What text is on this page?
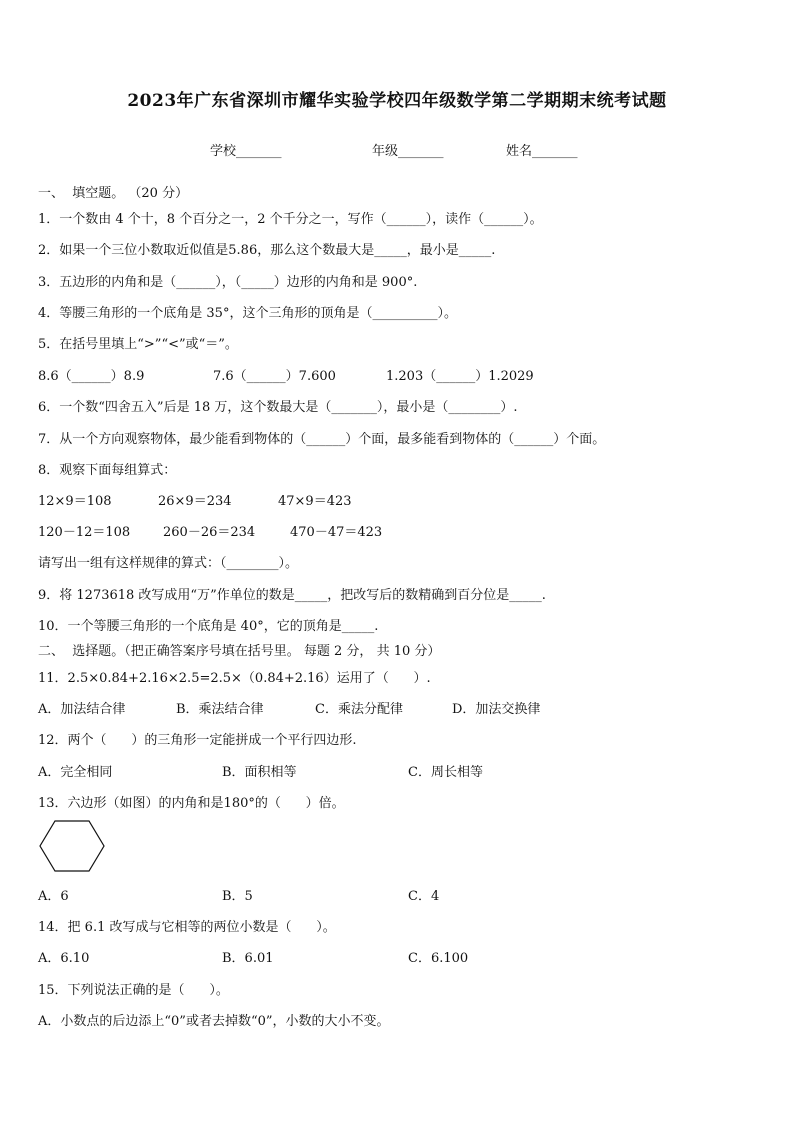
2023年广东省深圳市耀华实验学校四年级数学第二学期期末统考试题
学校_______	年级_______	姓名_______
一、  填空题。 （20 分）
1．一个数由 4 个十，8 个百分之一，2 个千分之一，写作（______），读作（______）。
2．如果一个三位小数取近似值是5.86，那么这个数最大是_____，最小是_____.
3．五边形的内角和是（______），（_____）边形的内角和是 900°.
4．等腰三角形的一个底角是 35°，这个三角形的顶角是（__________）。
5．在括号里填上“>”“<”或“＝”。

8.6（______）8.9

	7.6（______）7.600

	1.203（______）1.2029

6．一个数“四舍五入”后是 18 万，这个数最大是（_______），最小是（________）.
7．从一个方向观察物体，最少能看到物体的（______）个面，最多能看到物体的（______）个面。
8．观察下面每组算式：

12×9＝108

	26×9＝234

	47×9＝423

120－12＝108

	260－26＝234

	470－47＝423

请写出一组有这样规律的算式：（________）。
9．将 1273618 改写成用“万”作单位的数是_____，把改写后的数精确到百分位是_____.
10．一个等腰三角形的一个底角是 40°，它的顶角是_____.
二、  选择题。（把正确答案序号填在括号里。 每题 2 分， 共 10 分）
11．2.5×0.84+2.16×2.5=2.5×（0.84+2.16）运用了（      ）.

A．加法结合律

	B．乘法结合律

	C．乘法分配律

	D．加法交换律

12．两个（      ）的三角形一定能拼成一个平行四边形.

A．完全相同

	B．面积相等

	C．周长相等

13．六边形（如图）的内角和是180°的（      ）倍。

A．6

	B．5

	C．4

14．把 6.1 改写成与它相等的两位小数是（      ）。

A．6.10

	B．6.01

	C．6.100

15．下列说法正确的是（      ）。
A．小数点的后边添上“0”或者去掉数“0”，小数的大小不变。
